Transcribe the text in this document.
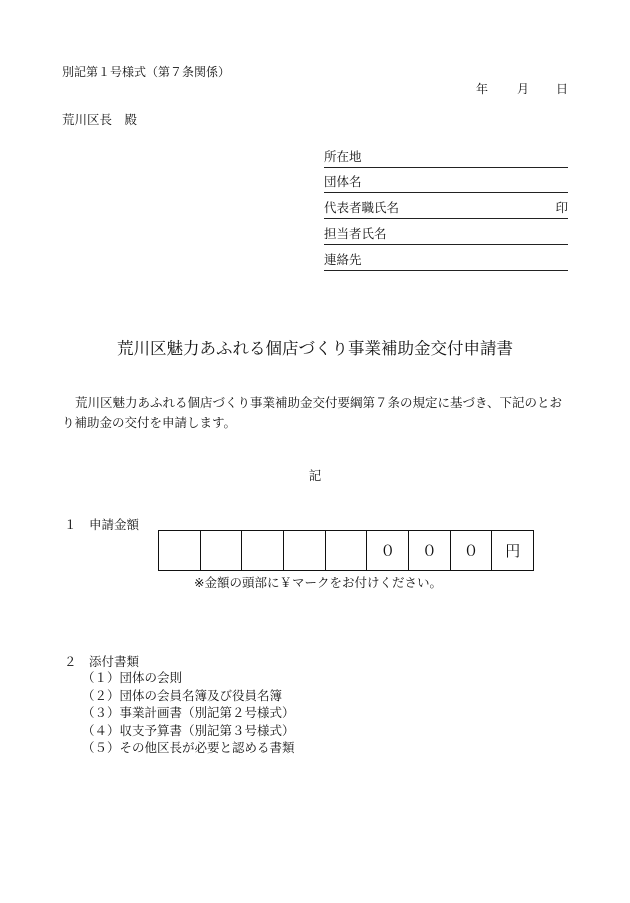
別記第１号様式（第７条関係）
年 月 日
荒川区長　殿
所在地
団体名
代表者職氏名	印
担当者氏名
連絡先
荒川区魅力あふれる個店づくり事業補助金交付申請書
荒川区魅力あふれる個店づくり事業補助金交付要綱第７条の規定に基づき、下記のとおり補助金の交付を申請します。
記
１　申請金額
０	０	０	円
※金額の頭部に￥マークをお付けください。
２　添付書類
（１）団体の会則
（２）団体の会員名簿及び役員名簿
（３）事業計画書（別記第２号様式）
（４）収支予算書（別記第３号様式）
（５）その他区長が必要と認める書類
